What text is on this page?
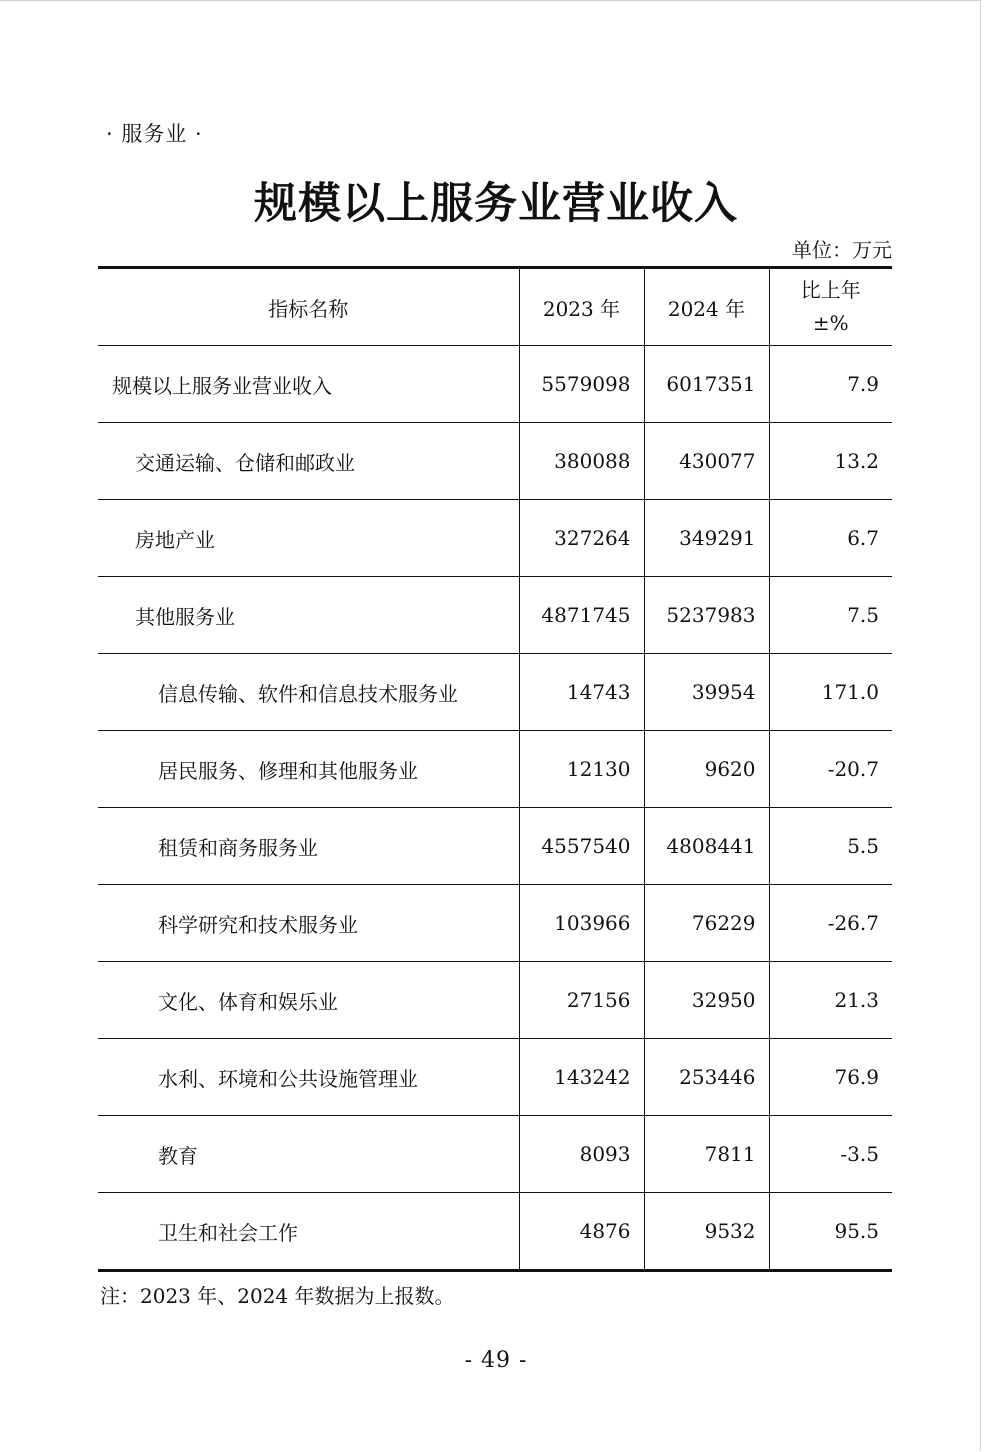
· 服务业 ·
规模以上服务业营业收入
单位：万元
指标名称	2023 年	2024 年	比上年
±%

规模以上服务业营业收入	5579098	6017351	7.9
交通运输、仓储和邮政业	380088	430077	13.2
房地产业	327264	349291	6.7
其他服务业	4871745	5237983	7.5
信息传输、软件和信息技术服务业	14743	39954	171.0
居民服务、修理和其他服务业	12130	9620	-20.7
租赁和商务服务业	4557540	4808441	5.5
科学研究和技术服务业	103966	76229	-26.7
文化、体育和娱乐业	27156	32950	21.3
水利、环境和公共设施管理业	143242	253446	76.9
教育	8093	7811	-3.5
卫生和社会工作	4876	9532	95.5
注：2023 年、2024 年数据为上报数。
- 49 -
